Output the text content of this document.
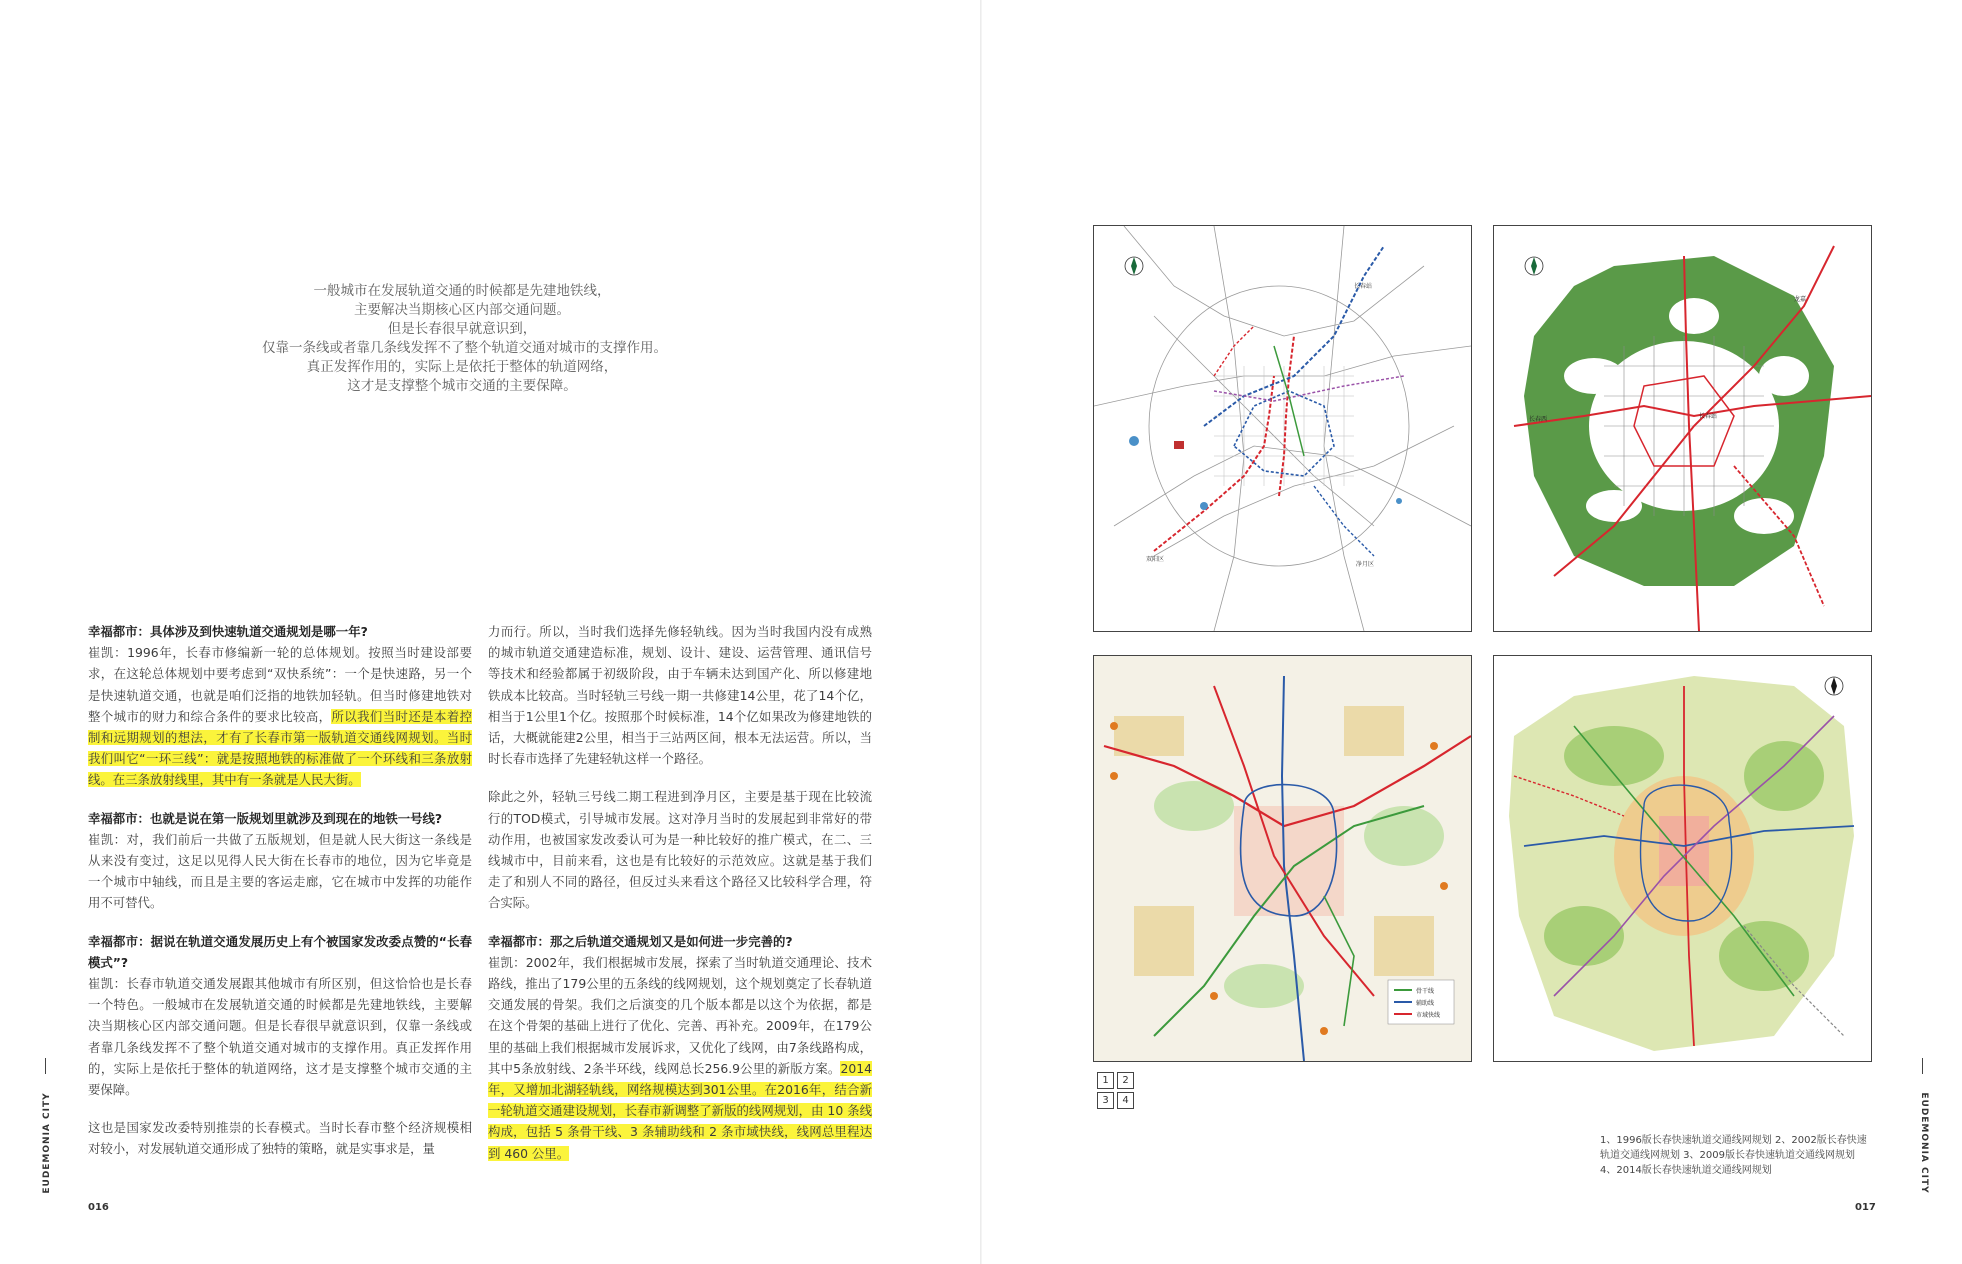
一般城市在发展轨道交通的时候都是先建地铁线，
主要解决当期核心区内部交通问题。
但是长春很早就意识到，
仅靠一条线或者靠几条线发挥不了整个轨道交通对城市的支撑作用。
真正发挥作用的，实际上是依托于整体的轨道网络，
这才是支撑整个城市交通的主要保障。
幸福都市：具体涉及到快速轨道交通规划是哪一年?
崔凯：1996年，长春市修编新一轮的总体规划。按照当时建设部要求，在这轮总体规划中要考虑到“双快系统”：一个是快速路，另一个是快速轨道交通，也就是咱们泛指的地铁加轻轨。但当时修建地铁对整个城市的财力和综合条件的要求比较高，所以我们当时还是本着控制和远期规划的想法，才有了长春市第一版轨道交通线网规划。当时我们叫它“一环三线”：就是按照地铁的标准做了一个环线和三条放射线。在三条放射线里，其中有一条就是人民大街。
幸福都市：也就是说在第一版规划里就涉及到现在的地铁一号线?
崔凯：对，我们前后一共做了五版规划，但是就人民大街这一条线是从来没有变过，这足以见得人民大街在长春市的地位，因为它毕竟是一个城市中轴线，而且是主要的客运走廊，它在城市中发挥的功能作用不可替代。
幸福都市：据说在轨道交通发展历史上有个被国家发改委点赞的“长春模式”?
崔凯：长春市轨道交通发展跟其他城市有所区别，但这恰恰也是长春一个特色。一般城市在发展轨道交通的时候都是先建地铁线，主要解决当期核心区内部交通问题。但是长春很早就意识到，仅靠一条线或者靠几条线发挥不了整个轨道交通对城市的支撑作用。真正发挥作用的，实际上是依托于整体的轨道网络，这才是支撑整个城市交通的主要保障。
这也是国家发改委特别推崇的长春模式。当时长春市整个经济规模相对较小，对发展轨道交通形成了独特的策略，就是实事求是，量
力而行。所以，当时我们选择先修轻轨线。因为当时我国内没有成熟的城市轨道交通建造标准，规划、设计、建设、运营管理、通讯信号等技术和经验都属于初级阶段，由于车辆未达到国产化、所以修建地铁成本比较高。当时轻轨三号线一期一共修建14公里，花了14个亿，相当于1公里1个亿。按照那个时候标准，14个亿如果改为修建地铁的话，大概就能建2公里，相当于三站两区间，根本无法运营。所以，当时长春市选择了先建轻轨这样一个路径。
除此之外，轻轨三号线二期工程进到净月区，主要是基于现在比较流行的TOD模式，引导城市发展。这对净月当时的发展起到非常好的带动作用，也被国家发改委认可为是一种比较好的推广模式，在二、三线城市中，目前来看，这也是有比较好的示范效应。这就是基于我们走了和别人不同的路径，但反过头来看这个路径又比较科学合理，符合实际。
幸福都市：那之后轨道交通规划又是如何进一步完善的?
崔凯：2002年，我们根据城市发展，探索了当时轨道交通理论、技术路线，推出了179公里的五条线的线网规划，这个规划奠定了长春轨道交通发展的骨架。我们之后演变的几个版本都是以这个为依据，都是在这个骨架的基础上进行了优化、完善、再补充。2009年，在179公里的基础上我们根据城市发展诉求，又优化了线网，由7条线路构成，其中5条放射线、2条半环线，线网总长256.9公里的新版方案。2014年，又增加北湖轻轨线，网络规模达到301公里。在2016年，结合新一轮轨道交通建设规划，长春市新调整了新版的线网规划，由 10 条线构成，包括 5 条骨干线、3 条辅助线和 2 条市域快线，线网总里程达到 460 公里。
EUDEMONIA CITY	EUDEMONIA CITY
016	017
双阳区
长春站
净月区
长春站
长春西
龙嘉
骨干线
辅助线
市域快线
1	2
3	4
1、1996版长春快速轨道交通线网规划 2、2002版长春快速
轨道交通线网规划 3、2009版长春快速轨道交通线网规划
4、2014版长春快速轨道交通线网规划
